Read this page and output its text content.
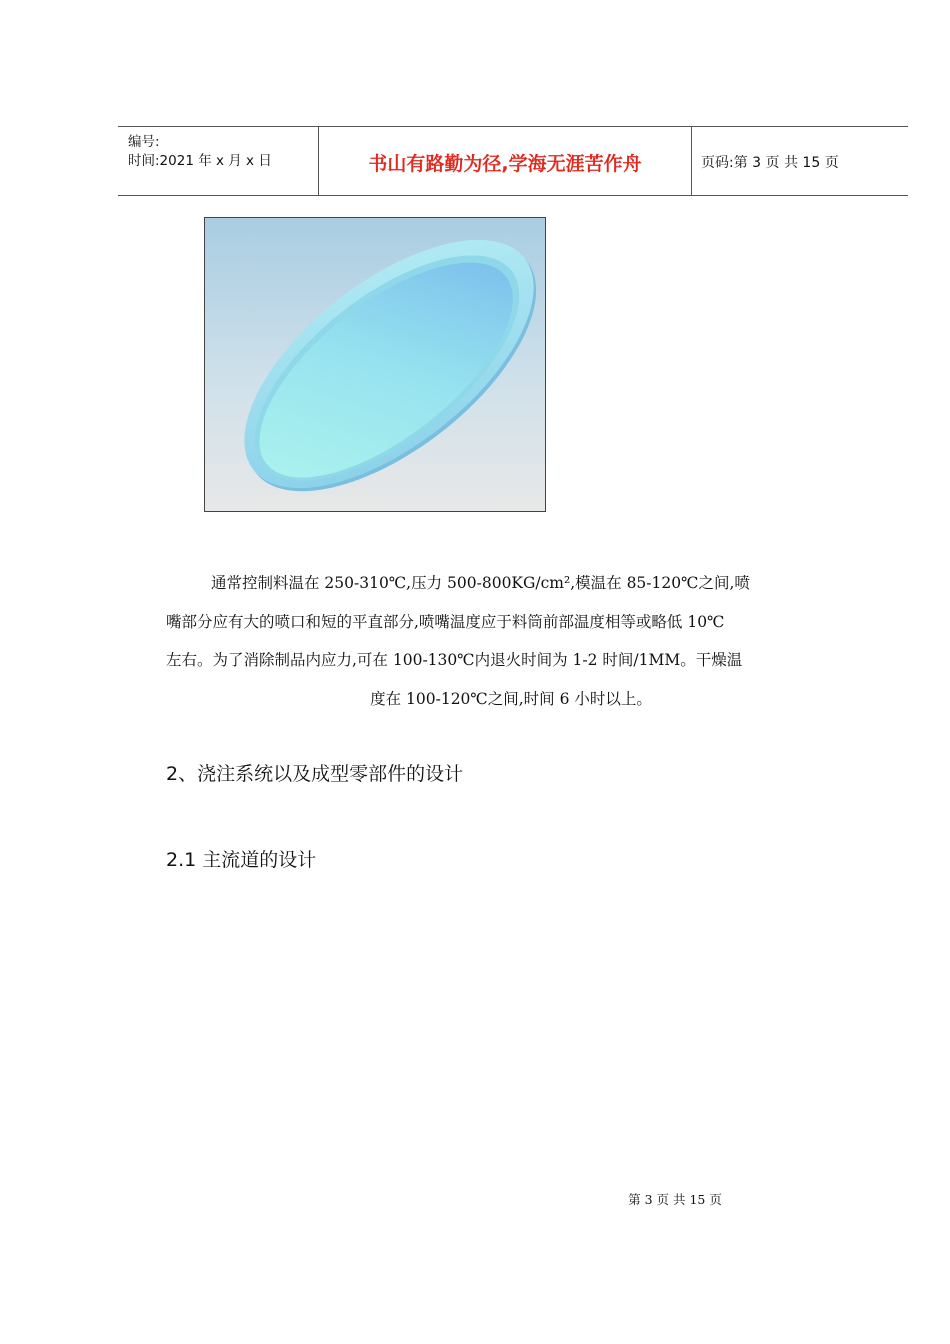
编号:
时间:2021 年 x 月 x 日	书山有路勤为径,学海无涯苦作舟	页码:第 3 页 共 15 页
通常控制料温在 250-310℃,压力 500-800KG/cm²,模温在 85-120℃之间,喷
嘴部分应有大的喷口和短的平直部分,喷嘴温度应于料筒前部温度相等或略低 10℃
左右。为了消除制品内应力,可在 100-130℃内退火时间为 1-2 时间/1MM。干燥温
度在 100-120℃之间,时间 6 小时以上。
2、浇注系统以及成型零部件的设计
2.1 主流道的设计
第 3 页 共 15 页
